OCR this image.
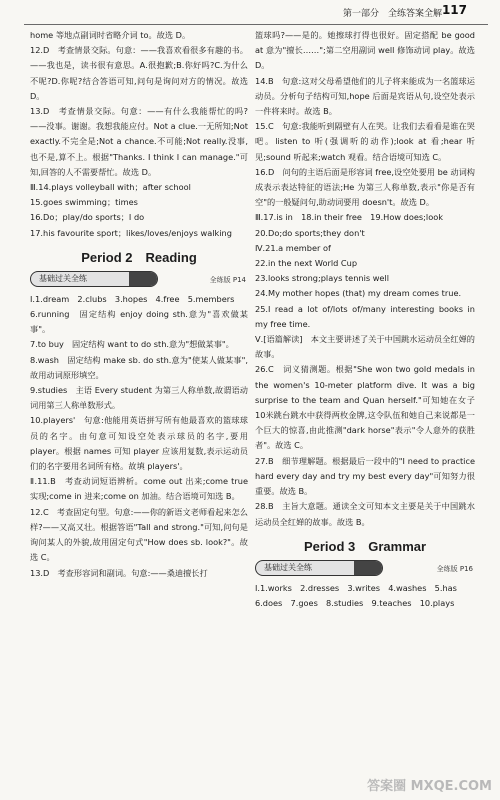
第一部分　全练答案全解 117

home 等地点副词时省略介词 to。故选 D。

12.D　考查情景交际。句意：——我喜欢看很多有趣的书。——我也是，读书很有意思。A.很抱歉;B.你好吗?C.为什么不呢?D.你呢?结合答语可知,问句是询问对方的情况。故选 D。

13.D　考查情景交际。句意：——有什么我能帮忙的吗?——没事。谢谢。我想我能应付。Not a clue.一无所知;Not exactly.不完全是;Not a chance.不可能;Not really.没事,也不是,算不上。根据"Thanks. I think I can manage."可知,回答的人不需要帮忙。故选 D。

Ⅲ.14.plays volleyball with；after school

15.goes swimming；times

16.Do；play/do sports；I do

17.his favourite sport；likes/loves/enjoys walking

Period 2　Reading
基础过关全练	全练版 P14

Ⅰ.1.dream　2.clubs　3.hopes　4.free　5.members

6.running　固定结构 enjoy doing sth.意为"喜欢做某事"。

7.to buy　固定结构 want to do sth.意为"想做某事"。

8.wash　固定结构 make sb. do sth.意为"使某人做某事",故用动词原形填空。

9.studies　主语 Every student 为第三人称单数,故谓语动词用第三人称单数形式。

10.players'　句意:他能用英语拼写所有他最喜欢的篮球球员的名字。由句意可知设空处表示球员的名字,要用 player。根据 names 可知 player 应该用复数,表示运动员们的名字要用名词所有格。故填 players'。

Ⅱ.11.B　考查动词短语辨析。come out 出来;come true 实现;come in 进来;come on 加油。结合语境可知选 B。

12.C　考查固定句型。句意:——你的新语文老师看起来怎么样?——又高又壮。根据答语"Tall and strong."可知,问句是询问某人的外貌,故用固定句式"How does sb. look?"。故选 C。

13.D　考查形容词和副词。句意:——桑迪擅长打

篮球吗?——是的。她擦球打得也很好。固定搭配 be good at 意为"擅长……";第二空用副词 well 修饰动词 play。故选 D。

14.B　句意:这对父母希望他们的儿子将来能成为一名篮球运动员。分析句子结构可知,hope 后面是宾语从句,设空处表示一件将来时。故选 B。

15.C　句意:我能听到隔壁有人在哭。让我们去看看是谁在哭吧。listen to 听(强调听的动作);look at 看;hear 听见;sound 听起来;watch 观看。结合语境可知选 C。

16.D　问句的主语后面是形容词 free,设空处要用 be 动词构成表示表达特征的语法;He 为第三人称单数,表示"你是否有空"的一般疑问句,助动词要用 doesn't。故选 D。

Ⅲ.17.is in　18.in their free　19.How does;look

20.Do;do sports;they don't

Ⅳ.21.a member of

22.in the next World Cup

23.looks strong;plays tennis well

24.My mother hopes (that) my dream comes true.

25.I read a lot of/lots of/many interesting books in my free time.

Ⅴ.[语篇解读]　本文主要讲述了关于中国跳水运动员全红婵的故事。

26.C　词义猜测题。根据"She won two gold medals in the women's 10-meter platform dive. It was a big surprise to the team and Quan herself."可知她在女子10米跳台跳水中获得两枚金牌,这令队伍和她自己来说都是一个巨大的惊喜,由此推测"dark horse"表示"令人意外的获胜者"。故选 C。

27.B　细节理解题。根据最后一段中的"I need to practice hard every day and try my best every day"可知努力很重要。故选 B。

28.B　主旨大意题。通读全文可知本文主要是关于中国跳水运动员全红婵的故事。故选 B。

Period 3　Grammar
基础过关全练	全练版 P16

Ⅰ.1.works　2.dresses　3.writes　4.washes　5.has

6.does　7.goes　8.studies　9.teaches　10.plays

答案圈 MXQE.COM
